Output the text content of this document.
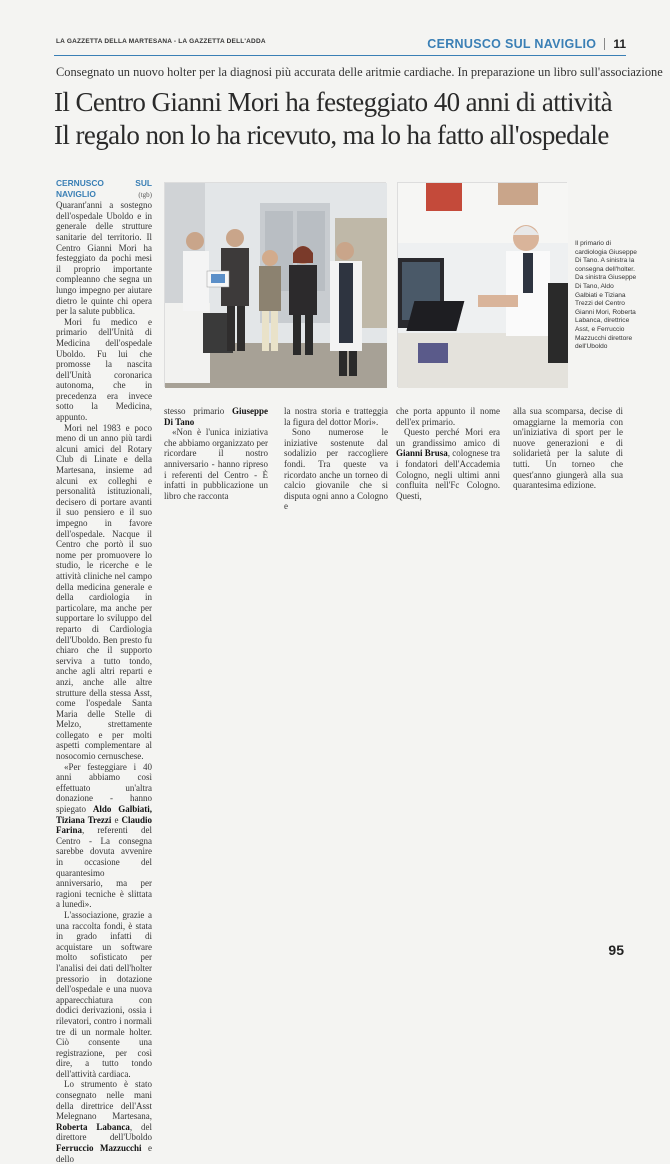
LA GAZZETTA DELLA MARTESANA - LA GAZZETTA DELL'ADDA	CERNUSCO SUL NAVIGLIO 11
Consegnato un nuovo holter per la diagnosi più accurata delle aritmie cardiache. In preparazione un libro sull'associazione
Il Centro Gianni Mori ha festeggiato 40 anni di attività
Il regalo non lo ha ricevuto, ma lo ha fatto all'ospedale
Il primario di cardiologia Giuseppe Di Tano. A sinistra la consegna dell'holter. Da sinistra Giuseppe Di Tano, Aldo Galbiati e Tiziana Trezzi del Centro Gianni Mori, Roberta Labanca, direttrice Asst, e Ferruccio Mazzucchi direttore dell'Uboldo

CERNUSCO SUL NAVIGLIO	(tgb) Quarant'anni a sostegno dell'ospedale Uboldo e in generale delle strutture sanitarie del territorio. Il Centro Gianni Mori ha festeggiato da pochi mesi il proprio importante compleanno che segna un lungo impegno per aiutare dietro le quinte chi opera per la salute pubblica.

Mori fu medico e primario dell'Unità di Medicina dell'ospedale Uboldo. Fu lui che promosse la nascita dell'Unità coronarica autonoma, che in precedenza era invece sotto la Medicina, appunto.

Mori nel 1983 e poco meno di un anno più tardi alcuni amici del Rotary Club di Linate e della Martesana, insieme ad alcuni ex colleghi e personalità istituzionali, decisero di portare avanti il suo pensiero e il suo impegno in favore dell'ospedale. Nacque il Centro che portò il suo nome per promuovere lo studio, le ricerche e le attività cliniche nel campo della medicina generale e della cardiologia in particolare, ma anche per supportare lo sviluppo del reparto di Cardiologia dell'Uboldo. Ben presto fu chiaro che il supporto serviva a tutto tondo, anche agli altri reparti e anzi, anche alle altre strutture della stessa Asst, come l'ospedale Santa Maria delle Stelle di Melzo, strettamente collegato e per molti aspetti complementare al nosocomio cernuschese.

«Per festeggiare i 40 anni abbiamo così effettuato un'altra donazione - hanno spiegato Aldo Galbiati, Tiziana Trezzi e Claudio Farina, referenti del Centro - La consegna sarebbe dovuta avvenire in occasione del quarantesimo anniversario, ma per ragioni tecniche è slittata a lunedì».

L'associazione, grazie a una raccolta fondi, è stata in grado infatti di acquistare un software molto sofisticato per l'analisi dei dati dell'holter pressorio in dotazione dell'ospedale e una nuova apparecchiatura con dodici derivazioni, ossia i rilevatori, contro i normali tre di un normale holter. Ciò consente una registrazione, per così dire, a tutto tondo dell'attività cardiaca.

Lo strumento è stato consegnato nelle mani della direttrice dell'Asst Melegnano Martesana, Roberta Labanca, del direttore dell'Uboldo Ferruccio Mazzucchi e dello

stesso primario Giuseppe Di Tano

«Non è l'unica iniziativa che abbiamo organizzato per ricordare il nostro anniversario - hanno ripreso i referenti del Centro - È infatti in pubblicazione un libro che racconta

la nostra storia e tratteggia la figura del dottor Mori».

Sono numerose le iniziative sostenute dal sodalizio per raccogliere fondi. Tra queste va ricordato anche un torneo di calcio giovanile che si disputa ogni anno a Cologno e

che porta appunto il nome dell'ex primario.

Questo perché Mori era un grandissimo amico di Gianni Brusa, colognese tra i fondatori dell'Accademia Cologno, negli ultimi anni confluita nell'Fc Cologno. Questi,

alla sua scomparsa, decise di omaggiarne la memoria con un'iniziativa di sport per le nuove generazioni e di solidarietà per la salute di tutti. Un torneo che quest'anno giungerà alla sua quarantesima edizione.

95
